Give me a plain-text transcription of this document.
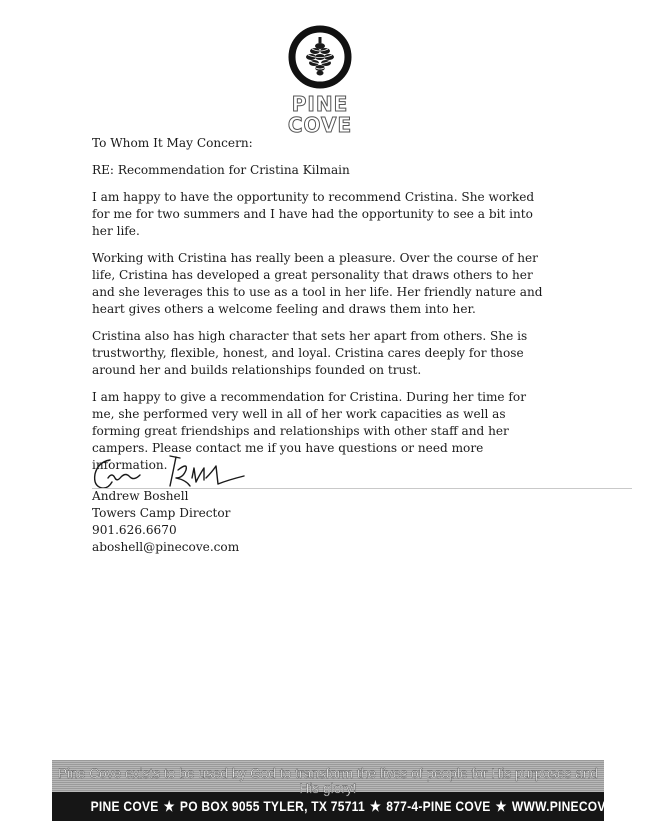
PINE
COVE

To Whom It May Concern:

RE: Recommendation for Cristina Kilmain

I am happy to have the opportunity to recommend Cristina. She worked for me for two summers and I have had the opportunity to see a bit into her life.

Working with Cristina has really been a pleasure. Over the course of her life, Cristina has developed a great personality that draws others to her and she leverages this to use as a tool in her life. Her friendly nature and heart gives others a welcome feeling and draws them into her.

Cristina also has high character that sets her apart from others. She is trustworthy, flexible, honest, and loyal. Cristina cares deeply for those around her and builds relationships founded on trust.

I am happy to give a recommendation for Cristina. During her time for me, she performed very well in all of her work capacities as well as forming great friendships and relationships with other staff and her campers. Please contact me if you have questions or need more information.

Andrew Boshell
Towers Camp Director
901.626.6670
aboshell@pinecove.com
Pine Cove exists to be used by God to transform the lives of people for His purposes and His glory!
PINE COVE ★ PO BOX 9055 TYLER, TX 75711 ★ 877-4-PINE COVE ★ WWW.PINECOVE.COM
